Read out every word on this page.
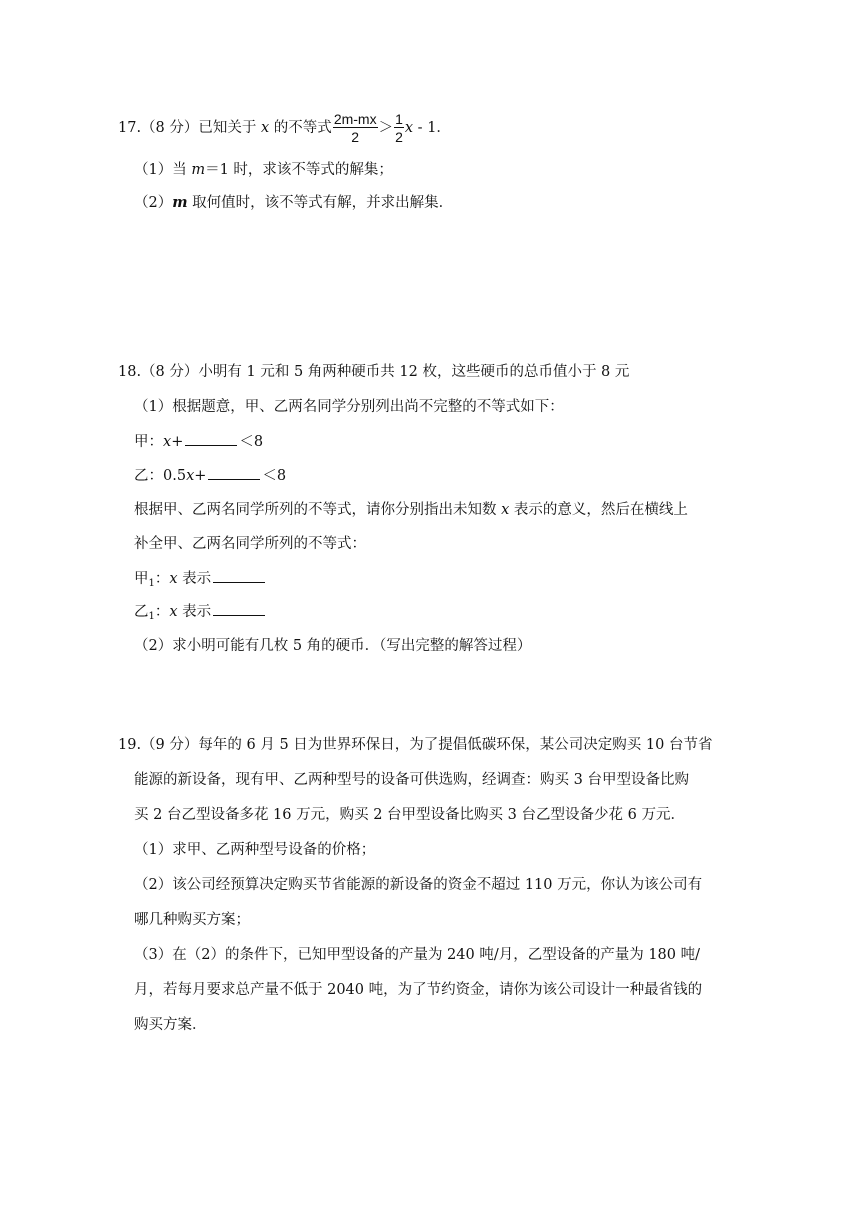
17.（8 分）已知关于 x 的不等式 $\frac{2m-mx}{2} > \frac{1}{2}$ x - 1．
（1）当 m＝1 时，求该不等式的解集；
（2）m 取何值时，该不等式有解，并求出解集．
18.（8 分）小明有 1 元和 5 角两种硬币共 12 枚，这些硬币的总币值小于 8 元
（1）根据题意，甲、乙两名同学分别列出尚不完整的不等式如下：
甲：x+	＜8
乙：0.5x+	＜8
根据甲、乙两名同学所列的不等式，请你分别指出未知数 x 表示的意义，然后在横线上
补全甲、乙两名同学所列的不等式：
甲$_1$：x 表示
乙$_1$：x 表示
（2）求小明可能有几枚 5 角的硬币．（写出完整的解答过程）
19.（9 分）每年的 6 月 5 日为世界环保日，为了提倡低碳环保，某公司决定购买 10 台节省
能源的新设备，现有甲、乙两种型号的设备可供选购，经调查：购买 3 台甲型设备比购
买 2 台乙型设备多花 16 万元，购买 2 台甲型设备比购买 3 台乙型设备少花 6 万元．
（1）求甲、乙两种型号设备的价格；
（2）该公司经预算决定购买节省能源的新设备的资金不超过 110 万元，你认为该公司有
哪几种购买方案；
（3）在（2）的条件下，已知甲型设备的产量为 240 吨/月，乙型设备的产量为 180 吨/
月，若每月要求总产量不低于 2040 吨，为了节约资金，请你为该公司设计一种最省钱的
购买方案．
